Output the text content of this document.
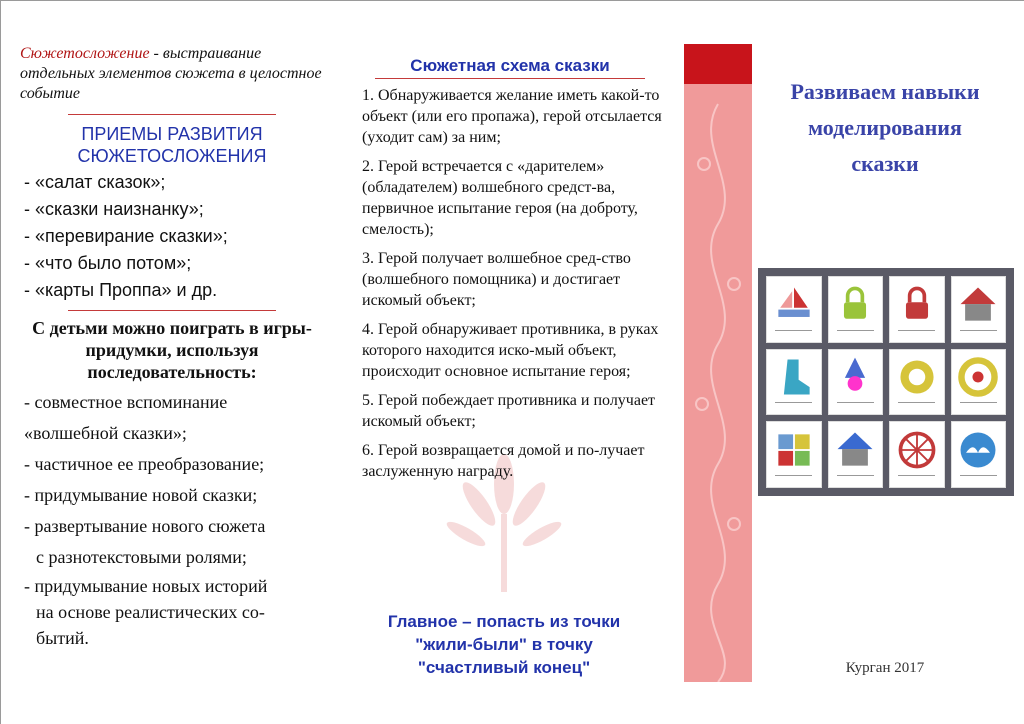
Сюжетосложение - выстраивание отдельных элементов сюжета в целостное событие

ПРИЕМЫ РАЗВИТИЯ СЮЖЕТОСЛОЖЕНИЯ
- «салат сказок»;
- «сказки наизнанку»;
- «перевирание сказки»;
- «что было потом»;
- «карты Проппа» и др.
С детьми можно поиграть в игры-придумки, используя последовательность:
- совместное вспоминание
«волшебной сказки»;
- частичное ее преобразование;
- придумывание новой сказки;
- развертывание нового сюжета
с разнотекстовыми ролями;
- придумывание новых историй
на основе реалистических со-
бытий.
Сюжетная схема сказки
1. Обнаруживается желание иметь какой-то объект (или его пропажа), герой отсылается (уходит сам) за ним;
2. Герой встречается с «дарителем» (обладателем) волшебного средст-ва, первичное испытание героя (на доброту, смелость);
3. Герой получает волшебное сред-ство (волшебного помощника) и достигает искомый объект;
4. Герой обнаруживает противника, в руках которого находится иско-мый объект, происходит основное испытание героя;
5. Герой побеждает противника и получает искомый объект;
6. Герой возвращается домой и по-лучает заслуженную награду.
Главное – попасть из точки
"жили-были" в точку
"счастливый конец"
Развиваем навыки
моделирования
сказки
Курган 2017
